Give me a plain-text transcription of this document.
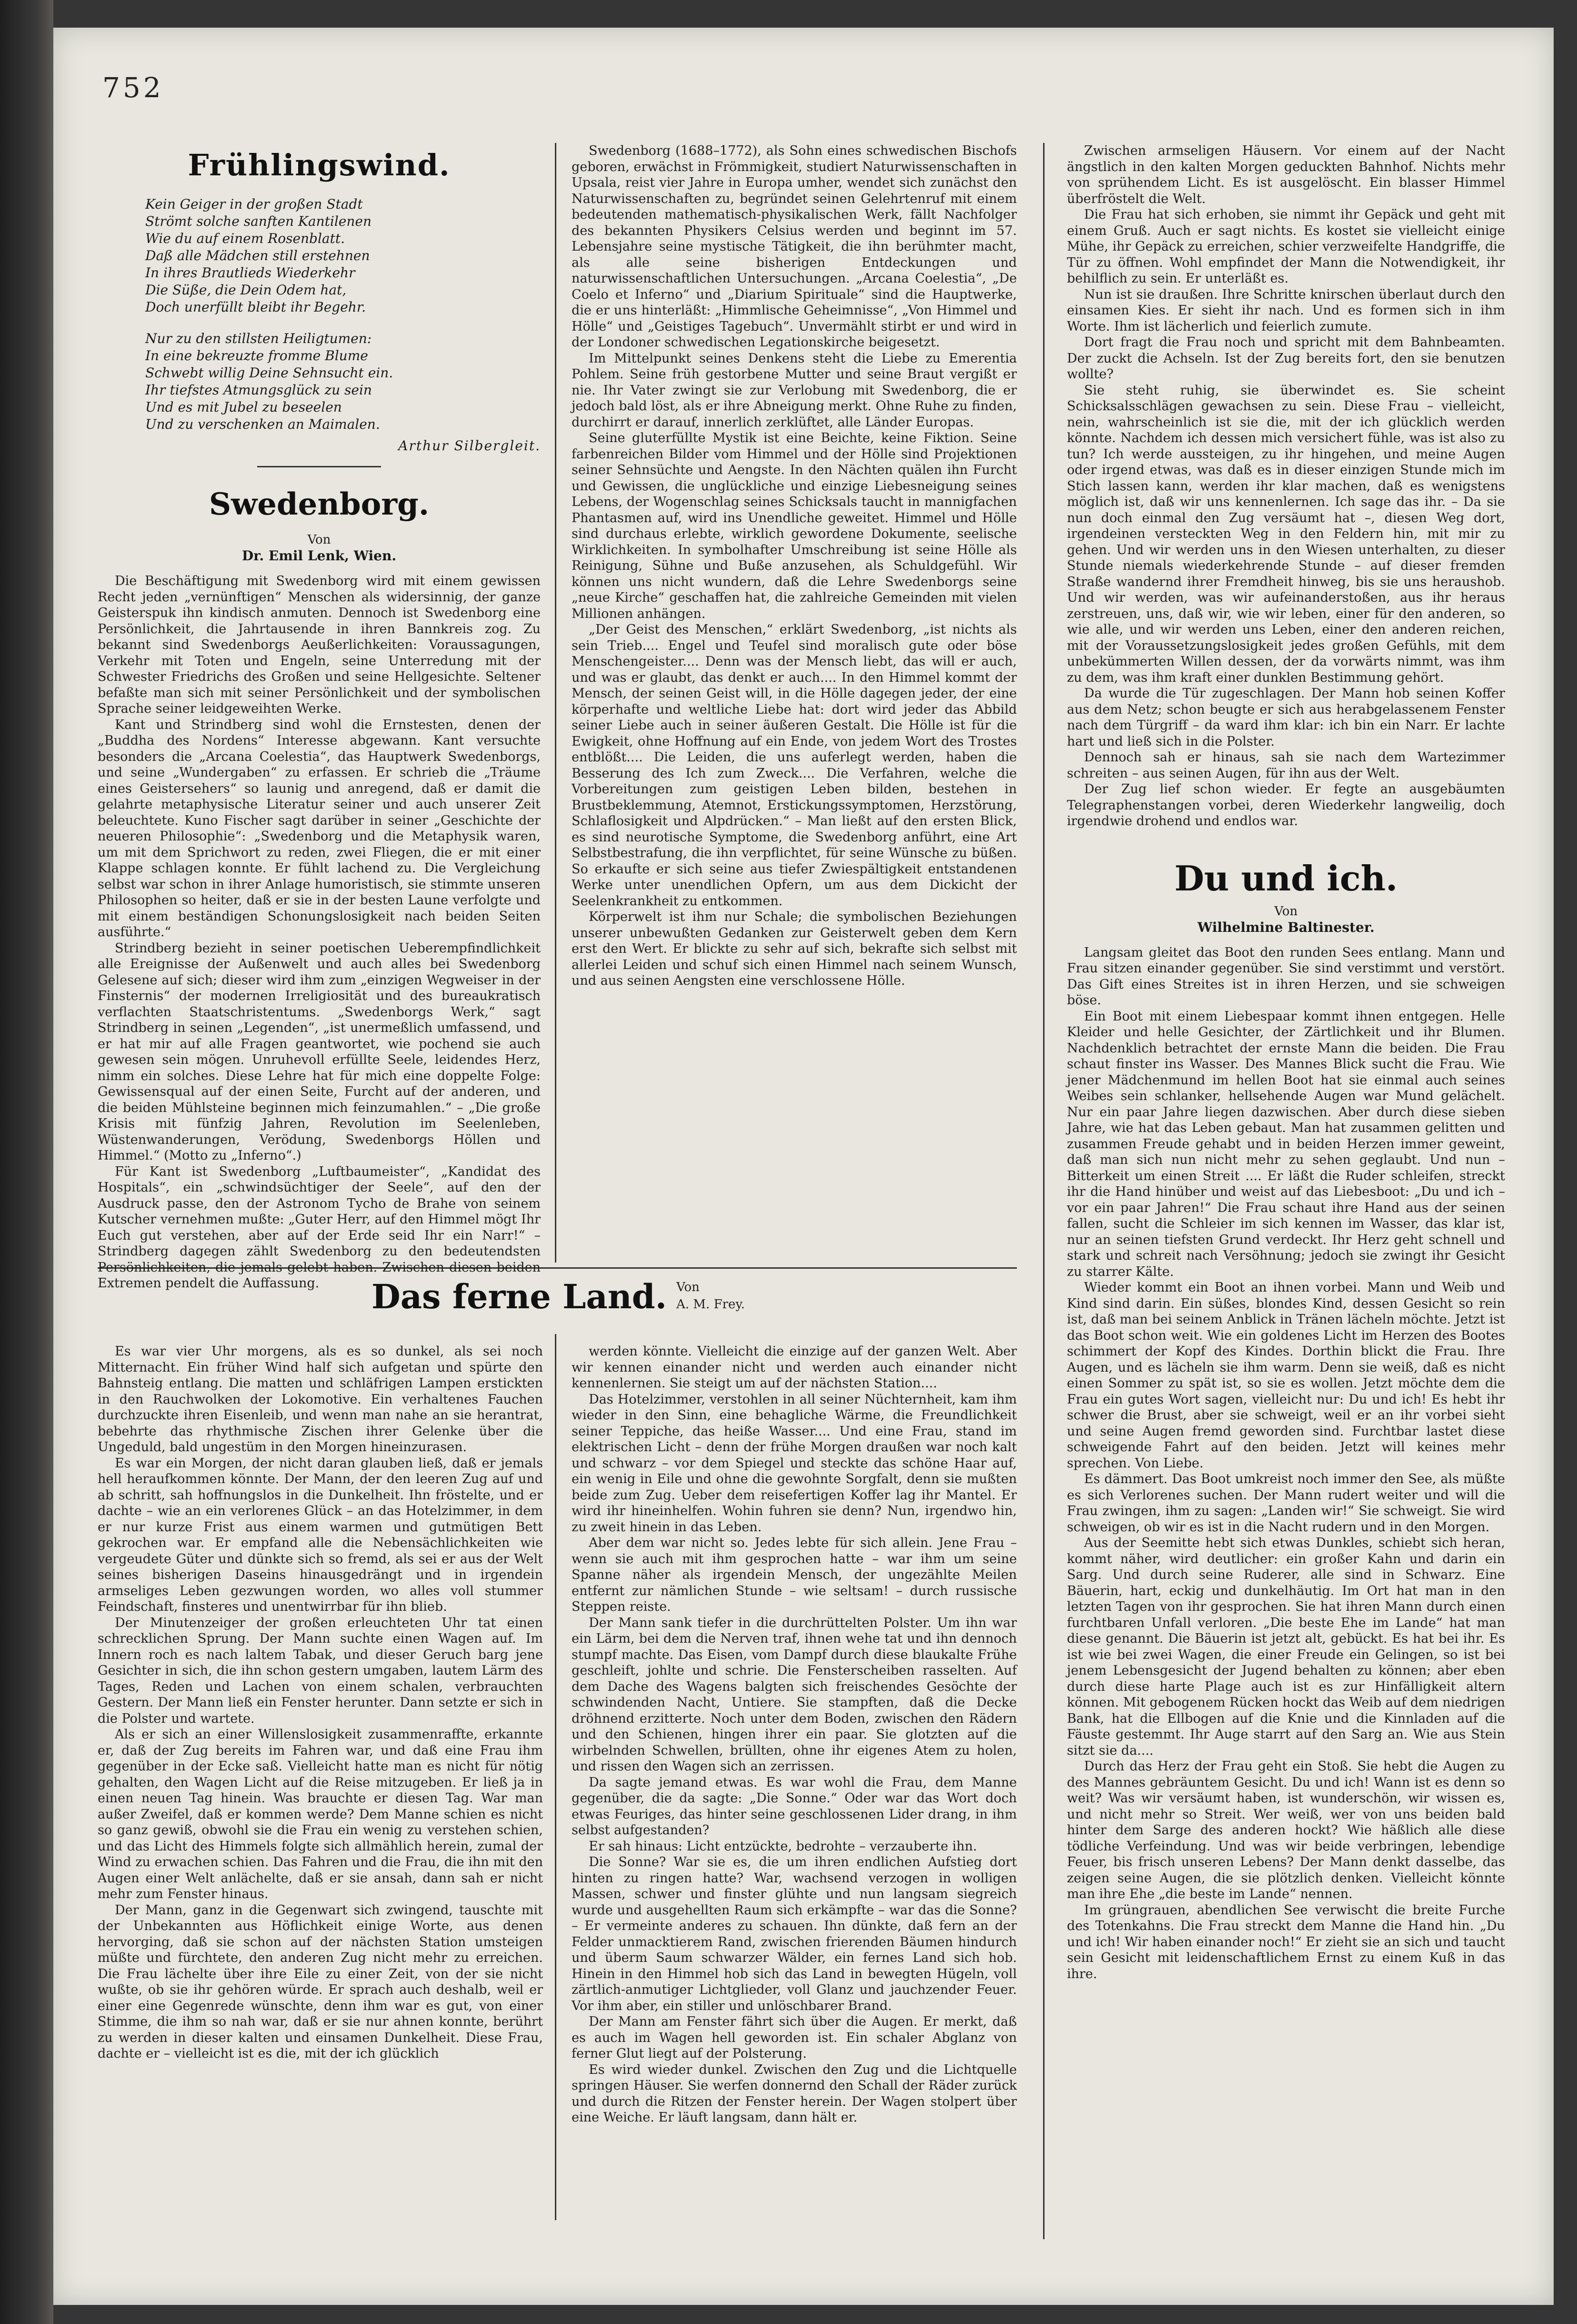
752
Frühlingswind.
Kein Geiger in der großen Stadt
Strömt solche sanften Kantilenen
Wie du auf einem Rosenblatt.
Daß alle Mädchen still erstehnen
In ihres Brautlieds Wiederkehr
Die Süße, die Dein Odem hat,
Doch unerfüllt bleibt ihr Begehr.
Nur zu den stillsten Heiligtumen:
In eine bekreuzte fromme Blume
Schwebt willig Deine Sehnsucht ein.
Ihr tiefstes Atmungsglück zu sein
Und es mit Jubel zu beseelen
Und zu verschenken an Maimalen.
Arthur Silbergleit.
Swedenborg.
Von
Dr. Emil Lenk, Wien.

Die Beschäftigung mit Swedenborg wird mit einem gewissen Recht jeden „vernünftigen“ Menschen als widersinnig, der ganze Geisterspuk ihn kindisch anmuten. Dennoch ist Swedenborg eine Persönlichkeit, die Jahrtausende in ihren Bannkreis zog. Zu bekannt sind Swedenborgs Aeußerlichkeiten: Voraussagungen, Verkehr mit Toten und Engeln, seine Unterredung mit der Schwester Friedrichs des Großen und seine Hellgesichte. Seltener befaßte man sich mit seiner Persönlichkeit und der symbolischen Sprache seiner leidgeweihten Werke.

Kant und Strindberg sind wohl die Ernstesten, denen der „Buddha des Nordens“ Interesse abgewann. Kant versuchte besonders die „Arcana Coelestia“, das Hauptwerk Swedenborgs, und seine „Wundergaben“ zu erfassen. Er schrieb die „Träume eines Geistersehers“ so launig und anregend, daß er damit die gelahrte metaphysische Literatur seiner und auch unserer Zeit beleuchtete. Kuno Fischer sagt darüber in seiner „Geschichte der neueren Philosophie“: „Swedenborg und die Metaphysik waren, um mit dem Sprichwort zu reden, zwei Fliegen, die er mit einer Klappe schlagen konnte. Er fühlt lachend zu. Die Vergleichung selbst war schon in ihrer Anlage humoristisch, sie stimmte unseren Philosophen so heiter, daß er sie in der besten Laune verfolgte und mit einem beständigen Schonungslosigkeit nach beiden Seiten ausführte.“

Strindberg bezieht in seiner poetischen Ueberempfindlichkeit alle Ereignisse der Außenwelt und auch alles bei Swedenborg Gelesene auf sich; dieser wird ihm zum „einzigen Wegweiser in der Finsternis“ der modernen Irreligiosität und des bureaukratisch verflachten Staatschristentums. „Swedenborgs Werk,“ sagt Strindberg in seinen „Legenden“, „ist unermeßlich umfassend, und er hat mir auf alle Fragen geantwortet, wie pochend sie auch gewesen sein mögen. Unruhevoll erfüllte Seele, leidendes Herz, nimm ein solches. Diese Lehre hat für mich eine doppelte Folge: Gewissensqual auf der einen Seite, Furcht auf der anderen, und die beiden Mühlsteine beginnen mich feinzumahlen.“ – „Die große Krisis mit fünfzig Jahren, Revolution im Seelenleben, Wüstenwanderungen, Verödung, Swedenborgs Höllen und Himmel.“ (Motto zu „Inferno“.)

Für Kant ist Swedenborg „Luftbaumeister“, „Kandidat des Hospitals“, ein „schwindsüchtiger der Seele“, auf den der Ausdruck passe, den der Astronom Tycho de Brahe von seinem Kutscher vernehmen mußte: „Guter Herr, auf den Himmel mögt Ihr Euch gut verstehen, aber auf der Erde seid Ihr ein Narr!“ – Strindberg dagegen zählt Swedenborg zu den bedeutendsten Persönlichkeiten, die jemals gelebt haben. Zwischen diesen beiden Extremen pendelt die Auffassung.

Swedenborg (1688–1772), als Sohn eines schwedischen Bischofs geboren, erwächst in Frömmigkeit, studiert Naturwissenschaften in Upsala, reist vier Jahre in Europa umher, wendet sich zunächst den Naturwissenschaften zu, begründet seinen Gelehrtenruf mit einem bedeutenden mathematisch-physikalischen Werk, fällt Nachfolger des bekannten Physikers Celsius werden und beginnt im 57. Lebensjahre seine mystische Tätigkeit, die ihn berühmter macht, als alle seine bisherigen Entdeckungen und naturwissenschaftlichen Untersuchungen. „Arcana Coelestia“, „De Coelo et Inferno“ und „Diarium Spirituale“ sind die Hauptwerke, die er uns hinterläßt: „Himmlische Geheimnisse“, „Von Himmel und Hölle“ und „Geistiges Tagebuch“. Unvermählt stirbt er und wird in der Londoner schwedischen Legationskirche beigesetzt.

Im Mittelpunkt seines Denkens steht die Liebe zu Emerentia Pohlem. Seine früh gestorbene Mutter und seine Braut vergißt er nie. Ihr Vater zwingt sie zur Verlobung mit Swedenborg, die er jedoch bald löst, als er ihre Abneigung merkt. Ohne Ruhe zu finden, durchirrt er darauf, innerlich zerklüftet, alle Länder Europas.

Seine gluterfüllte Mystik ist eine Beichte, keine Fiktion. Seine farbenreichen Bilder vom Himmel und der Hölle sind Projektionen seiner Sehnsüchte und Aengste. In den Nächten quälen ihn Furcht und Gewissen, die unglückliche und einzige Liebesneigung seines Lebens, der Wogenschlag seines Schicksals taucht in mannigfachen Phantasmen auf, wird ins Unendliche geweitet. Himmel und Hölle sind durchaus erlebte, wirklich gewordene Dokumente, seelische Wirklichkeiten. In symbolhafter Umschreibung ist seine Hölle als Reinigung, Sühne und Buße anzusehen, als Schuldgefühl. Wir können uns nicht wundern, daß die Lehre Swedenborgs seine „neue Kirche“ geschaffen hat, die zahlreiche Gemeinden mit vielen Millionen anhängen.

„Der Geist des Menschen,“ erklärt Swedenborg, „ist nichts als sein Trieb.... Engel und Teufel sind moralisch gute oder böse Menschengeister.... Denn was der Mensch liebt, das will er auch, und was er glaubt, das denkt er auch.... In den Himmel kommt der Mensch, der seinen Geist will, in die Hölle dagegen jeder, der eine körperhafte und weltliche Liebe hat: dort wird jeder das Abbild seiner Liebe auch in seiner äußeren Gestalt. Die Hölle ist für die Ewigkeit, ohne Hoffnung auf ein Ende, von jedem Wort des Trostes entblößt.... Die Leiden, die uns auferlegt werden, haben die Besserung des Ich zum Zweck.... Die Verfahren, welche die Vorbereitungen zum geistigen Leben bilden, bestehen in Brustbeklemmung, Atemnot, Erstickungssymptomen, Herzstörung, Schlaflosigkeit und Alpdrücken.“ – Man ließt auf den ersten Blick, es sind neurotische Symptome, die Swedenborg anführt, eine Art Selbstbestrafung, die ihn verpflichtet, für seine Wünsche zu büßen. So erkaufte er sich seine aus tiefer Zwiespältigkeit entstandenen Werke unter unendlichen Opfern, um aus dem Dickicht der Seelenkrankheit zu entkommen.

Körperwelt ist ihm nur Schale; die symbolischen Beziehungen unserer unbewußten Gedanken zur Geisterwelt geben dem Kern erst den Wert. Er blickte zu sehr auf sich, bekrafte sich selbst mit allerlei Leiden und schuf sich einen Himmel nach seinem Wunsch, und aus seinen Aengsten eine verschlossene Hölle.

Das ferne Land. Von
A. M. Frey.

Es war vier Uhr morgens, als es so dunkel, als sei noch Mitternacht. Ein früher Wind half sich aufgetan und spürte den Bahnsteig entlang. Die matten und schläfrigen Lampen erstickten in den Rauchwolken der Lokomotive. Ein verhaltenes Fauchen durchzuckte ihren Eisenleib, und wenn man nahe an sie herantrat, bebehrte das rhythmische Zischen ihrer Gelenke über die Ungeduld, bald ungestüm in den Morgen hineinzurasen.

Es war ein Morgen, der nicht daran glauben ließ, daß er jemals hell heraufkommen könnte. Der Mann, der den leeren Zug auf und ab schritt, sah hoffnungslos in die Dunkelheit. Ihn fröstelte, und er dachte – wie an ein verlorenes Glück – an das Hotelzimmer, in dem er nur kurze Frist aus einem warmen und gutmütigen Bett gekrochen war. Er empfand alle die Nebensächlichkeiten wie vergeudete Güter und dünkte sich so fremd, als sei er aus der Welt seines bisherigen Daseins hinausgedrängt und in irgendein armseliges Leben gezwungen worden, wo alles voll stummer Feindschaft, finsteres und unentwirrbar für ihn blieb.

Der Minutenzeiger der großen erleuchteten Uhr tat einen schrecklichen Sprung. Der Mann suchte einen Wagen auf. Im Innern roch es nach laltem Tabak, und dieser Geruch barg jene Gesichter in sich, die ihn schon gestern umgaben, lautem Lärm des Tages, Reden und Lachen von einem schalen, verbrauchten Gestern. Der Mann ließ ein Fenster herunter. Dann setzte er sich in die Polster und wartete.

Als er sich an einer Willenslosigkeit zusammenraffte, erkannte er, daß der Zug bereits im Fahren war, und daß eine Frau ihm gegenüber in der Ecke saß. Vielleicht hatte man es nicht für nötig gehalten, den Wagen Licht auf die Reise mitzugeben. Er ließ ja in einen neuen Tag hinein. Was brauchte er diesen Tag. War man außer Zweifel, daß er kommen werde? Dem Manne schien es nicht so ganz gewiß, obwohl sie die Frau ein wenig zu verstehen schien, und das Licht des Himmels folgte sich allmählich herein, zumal der Wind zu erwachen schien. Das Fahren und die Frau, die ihn mit den Augen einer Welt anlächelte, daß er sie ansah, dann sah er nicht mehr zum Fenster hinaus.

Der Mann, ganz in die Gegenwart sich zwingend, tauschte mit der Unbekannten aus Höflichkeit einige Worte, aus denen hervorging, daß sie schon auf der nächsten Station umsteigen müßte und fürchtete, den anderen Zug nicht mehr zu erreichen. Die Frau lächelte über ihre Eile zu einer Zeit, von der sie nicht wußte, ob sie ihr gehören würde. Er sprach auch deshalb, weil er einer eine Gegenrede wünschte, denn ihm war es gut, von einer Stimme, die ihm so nah war, daß er sie nur ahnen konnte, berührt zu werden in dieser kalten und einsamen Dunkelheit. Diese Frau, dachte er – vielleicht ist es die, mit der ich glücklich

werden könnte. Vielleicht die einzige auf der ganzen Welt. Aber wir kennen einander nicht und werden auch einander nicht kennenlernen. Sie steigt um auf der nächsten Station....

Das Hotelzimmer, verstohlen in all seiner Nüchternheit, kam ihm wieder in den Sinn, eine behagliche Wärme, die Freundlichkeit seiner Teppiche, das heiße Wasser.... Und eine Frau, stand im elektrischen Licht – denn der frühe Morgen draußen war noch kalt und schwarz – vor dem Spiegel und steckte das schöne Haar auf, ein wenig in Eile und ohne die gewohnte Sorgfalt, denn sie mußten beide zum Zug. Ueber dem reisefertigen Koffer lag ihr Mantel. Er wird ihr hineinhelfen. Wohin fuhren sie denn? Nun, irgendwo hin, zu zweit hinein in das Leben.

Aber dem war nicht so. Jedes lebte für sich allein. Jene Frau – wenn sie auch mit ihm gesprochen hatte – war ihm um seine Spanne näher als irgendein Mensch, der ungezählte Meilen entfernt zur nämlichen Stunde – wie seltsam! – durch russische Steppen reiste.

Der Mann sank tiefer in die durchrüttelten Polster. Um ihn war ein Lärm, bei dem die Nerven traf, ihnen wehe tat und ihn dennoch stumpf machte. Das Eisen, vom Dampf durch diese blaukalte Frühe geschleift, johlte und schrie. Die Fensterscheiben rasselten. Auf dem Dache des Wagens balgten sich freischendes Gesöchte der schwindenden Nacht, Untiere. Sie stampften, daß die Decke dröhnend erzitterte. Noch unter dem Boden, zwischen den Rädern und den Schienen, hingen ihrer ein paar. Sie glotzten auf die wirbelnden Schwellen, brüllten, ohne ihr eigenes Atem zu holen, und rissen den Wagen sich an zerrissen.

Da sagte jemand etwas. Es war wohl die Frau, dem Manne gegenüber, die da sagte: „Die Sonne.“ Oder war das Wort doch etwas Feuriges, das hinter seine geschlossenen Lider drang, in ihm selbst aufgestanden?

Er sah hinaus: Licht entzückte, bedrohte – verzauberte ihn.

Die Sonne? War sie es, die um ihren endlichen Aufstieg dort hinten zu ringen hatte? War, wachsend verzogen in wolligen Massen, schwer und finster glühte und nun langsam siegreich wurde und ausgehellten Raum sich erkämpfte – war das die Sonne? – Er vermeinte anderes zu schauen. Ihn dünkte, daß fern an der Felder unmacktierem Rand, zwischen frierenden Bäumen hindurch und überm Saum schwarzer Wälder, ein fernes Land sich hob. Hinein in den Himmel hob sich das Land in bewegten Hügeln, voll zärtlich-anmutiger Lichtglieder, voll Glanz und jauchzender Feuer. Vor ihm aber, ein stiller und unlöschbarer Brand.

Der Mann am Fenster fährt sich über die Augen. Er merkt, daß es auch im Wagen hell geworden ist. Ein schaler Abglanz von ferner Glut liegt auf der Polsterung.

Es wird wieder dunkel. Zwischen den Zug und die Lichtquelle springen Häuser. Sie werfen donnernd den Schall der Räder zurück und durch die Ritzen der Fenster herein. Der Wagen stolpert über eine Weiche. Er läuft langsam, dann hält er.

Zwischen armseligen Häusern. Vor einem auf der Nacht ängstlich in den kalten Morgen geduckten Bahnhof. Nichts mehr von sprühendem Licht. Es ist ausgelöscht. Ein blasser Himmel überfröstelt die Welt.

Die Frau hat sich erhoben, sie nimmt ihr Gepäck und geht mit einem Gruß. Auch er sagt nichts. Es kostet sie vielleicht einige Mühe, ihr Gepäck zu erreichen, schier verzweifelte Handgriffe, die Tür zu öffnen. Wohl empfindet der Mann die Notwendigkeit, ihr behilflich zu sein. Er unterläßt es.

Nun ist sie draußen. Ihre Schritte knirschen überlaut durch den einsamen Kies. Er sieht ihr nach. Und es formen sich in ihm Worte. Ihm ist lächerlich und feierlich zumute.

Dort fragt die Frau noch und spricht mit dem Bahnbeamten. Der zuckt die Achseln. Ist der Zug bereits fort, den sie benutzen wollte?

Sie steht ruhig, sie überwindet es. Sie scheint Schicksalsschlägen gewachsen zu sein. Diese Frau – vielleicht, nein, wahrscheinlich ist sie die, mit der ich glücklich werden könnte. Nachdem ich dessen mich versichert fühle, was ist also zu tun? Ich werde aussteigen, zu ihr hingehen, und meine Augen oder irgend etwas, was daß es in dieser einzigen Stunde mich im Stich lassen kann, werden ihr klar machen, daß es wenigstens möglich ist, daß wir uns kennenlernen. Ich sage das ihr. – Da sie nun doch einmal den Zug versäumt hat –, diesen Weg dort, irgendeinen versteckten Weg in den Feldern hin, mit mir zu gehen. Und wir werden uns in den Wiesen unterhalten, zu dieser Stunde niemals wiederkehrende Stunde – auf dieser fremden Straße wandernd ihrer Fremdheit hinweg, bis sie uns heraushob. Und wir werden, was wir aufeinanderstoßen, aus ihr heraus zerstreuen, uns, daß wir, wie wir leben, einer für den anderen, so wie alle, und wir werden uns Leben, einer den anderen reichen, mit der Voraussetzungslosigkeit jedes großen Gefühls, mit dem unbekümmerten Willen dessen, der da vorwärts nimmt, was ihm zu dem, was ihm kraft einer dunklen Bestimmung gehört.

Da wurde die Tür zugeschlagen. Der Mann hob seinen Koffer aus dem Netz; schon beugte er sich aus herabgelassenem Fenster nach dem Türgriff – da ward ihm klar: ich bin ein Narr. Er lachte hart und ließ sich in die Polster.

Dennoch sah er hinaus, sah sie nach dem Wartezimmer schreiten – aus seinen Augen, für ihn aus der Welt.

Der Zug lief schon wieder. Er fegte an ausgebäumten Telegraphenstangen vorbei, deren Wiederkehr langweilig, doch irgendwie drohend und endlos war.

Du und ich.
Von
Wilhelmine Baltinester.

Langsam gleitet das Boot den runden Sees entlang. Mann und Frau sitzen einander gegenüber. Sie sind verstimmt und verstört. Das Gift eines Streites ist in ihren Herzen, und sie schweigen böse.

Ein Boot mit einem Liebespaar kommt ihnen entgegen. Helle Kleider und helle Gesichter, der Zärtlichkeit und ihr Blumen. Nachdenklich betrachtet der ernste Mann die beiden. Die Frau schaut finster ins Wasser. Des Mannes Blick sucht die Frau. Wie jener Mädchenmund im hellen Boot hat sie einmal auch seines Weibes sein schlanker, hellsehende Augen war Mund gelächelt. Nur ein paar Jahre liegen dazwischen. Aber durch diese sieben Jahre, wie hat das Leben gebaut. Man hat zusammen gelitten und zusammen Freude gehabt und in beiden Herzen immer geweint, daß man sich nun nicht mehr zu sehen geglaubt. Und nun – Bitterkeit um einen Streit .... Er läßt die Ruder schleifen, streckt ihr die Hand hinüber und weist auf das Liebesboot: „Du und ich – vor ein paar Jahren!“ Die Frau schaut ihre Hand aus der seinen fallen, sucht die Schleier im sich kennen im Wasser, das klar ist, nur an seinen tiefsten Grund verdeckt. Ihr Herz geht schnell und stark und schreit nach Versöhnung; jedoch sie zwingt ihr Gesicht zu starrer Kälte.

Wieder kommt ein Boot an ihnen vorbei. Mann und Weib und Kind sind darin. Ein süßes, blondes Kind, dessen Gesicht so rein ist, daß man bei seinem Anblick in Tränen lächeln möchte. Jetzt ist das Boot schon weit. Wie ein goldenes Licht im Herzen des Bootes schimmert der Kopf des Kindes. Dorthin blickt die Frau. Ihre Augen, und es lächeln sie ihm warm. Denn sie weiß, daß es nicht einen Sommer zu spät ist, so sie es wollen. Jetzt möchte dem die Frau ein gutes Wort sagen, vielleicht nur: Du und ich! Es hebt ihr schwer die Brust, aber sie schweigt, weil er an ihr vorbei sieht und seine Augen fremd geworden sind. Furchtbar lastet diese schweigende Fahrt auf den beiden. Jetzt will keines mehr sprechen. Von Liebe.

Es dämmert. Das Boot umkreist noch immer den See, als müßte es sich Verlorenes suchen. Der Mann rudert weiter und will die Frau zwingen, ihm zu sagen: „Landen wir!“ Sie schweigt. Sie wird schweigen, ob wir es ist in die Nacht rudern und in den Morgen.

Aus der Seemitte hebt sich etwas Dunkles, schiebt sich heran, kommt näher, wird deutlicher: ein großer Kahn und darin ein Sarg. Und durch seine Ruderer, alle sind in Schwarz. Eine Bäuerin, hart, eckig und dunkelhäutig. Im Ort hat man in den letzten Tagen von ihr gesprochen. Sie hat ihren Mann durch einen furchtbaren Unfall verloren. „Die beste Ehe im Lande“ hat man diese genannt. Die Bäuerin ist jetzt alt, gebückt. Es hat bei ihr. Es ist wie bei zwei Wagen, die einer Freude ein Gelingen, so ist bei jenem Lebensgesicht der Jugend behalten zu können; aber eben durch diese harte Plage auch ist es zur Hinfälligkeit altern können. Mit gebogenem Rücken hockt das Weib auf dem niedrigen Bank, hat die Ellbogen auf die Knie und die Kinnladen auf die Fäuste gestemmt. Ihr Auge starrt auf den Sarg an. Wie aus Stein sitzt sie da....

Durch das Herz der Frau geht ein Stoß. Sie hebt die Augen zu des Mannes gebräuntem Gesicht. Du und ich! Wann ist es denn so weit? Was wir versäumt haben, ist wunderschön, wir wissen es, und nicht mehr so Streit. Wer weiß, wer von uns beiden bald hinter dem Sarge des anderen hockt? Wie häßlich alle diese tödliche Verfeindung. Und was wir beide verbringen, lebendige Feuer, bis frisch unseren Lebens? Der Mann denkt dasselbe, das zeigen seine Augen, die sie plötzlich denken. Vielleicht könnte man ihre Ehe „die beste im Lande“ nennen.

Im grüngrauen, abendlichen See verwischt die breite Furche des Totenkahns. Die Frau streckt dem Manne die Hand hin. „Du und ich! Wir haben einander noch!“ Er zieht sie an sich und taucht sein Gesicht mit leidenschaftlichem Ernst zu einem Kuß in das ihre.
